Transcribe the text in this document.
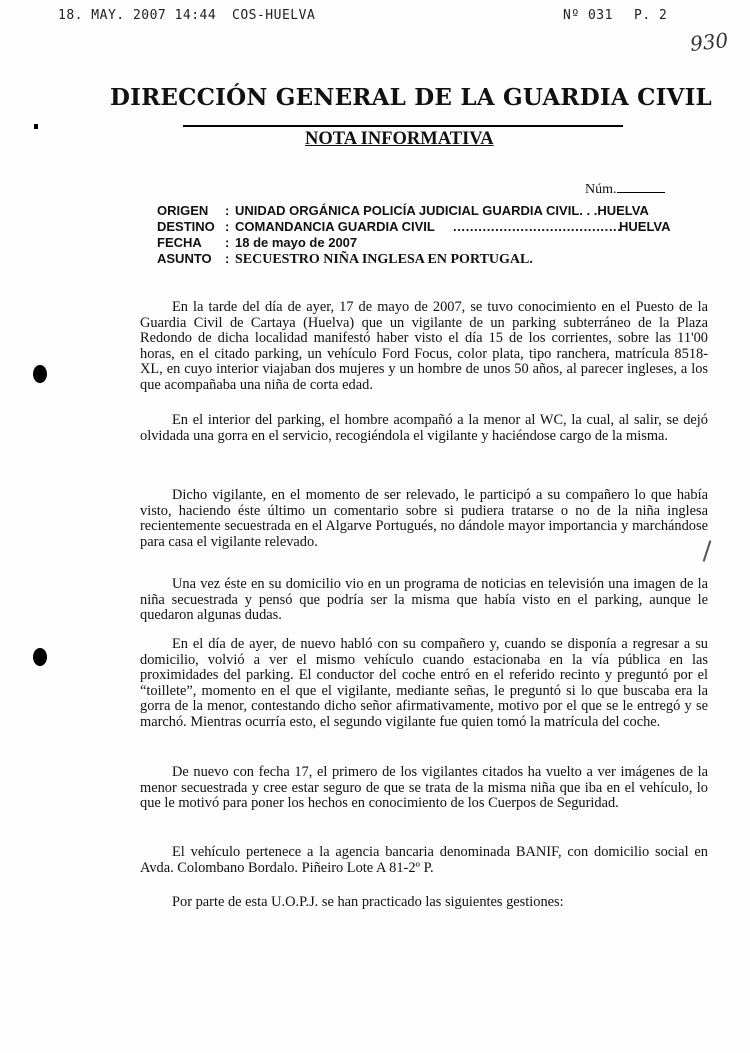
18. MAY. 2007 14:44 COS-HUELVA	Nº 031 P. 2
930
DIRECCIÓN GENERAL DE LA GUARDIA CIVIL
NOTA INFORMATIVA
Núm.
ORIGEN : UNIDAD ORGÁNICA POLICÍA JUDICIAL GUARDIA CIVIL. . .HUELVA
DESTINO : COMANDANCIA GUARDIA CIVIL ........................................
HUELVA
FECHA : 18 de mayo de 2007
ASUNTO : SECUESTRO NIÑA INGLESA EN PORTUGAL.

En la tarde del día de ayer, 17 de mayo de 2007, se tuvo conocimiento en el Puesto de la Guardia Civil de Cartaya (Huelva) que un vigilante de un parking subterráneo de la Plaza Redondo de dicha localidad manifestó haber visto el día 15 de los corrientes, sobre las 11'00 horas, en el citado parking, un vehículo Ford Focus, color plata, tipo ranchera, matrícula 8518-XL, en cuyo interior viajaban dos mujeres y un hombre de unos 50 años, al parecer ingleses, a los que acompañaba una niña de corta edad.

En el interior del parking, el hombre acompañó a la menor al WC, la cual, al salir, se dejó olvidada una gorra en el servicio, recogiéndola el vigilante y haciéndose cargo de la misma.

Dicho vigilante, en el momento de ser relevado, le participó a su compañero lo que había visto, haciendo éste último un comentario sobre si pudiera tratarse o no de la niña inglesa recientemente secuestrada en el Algarve Portugués, no dándole mayor importancia y marchándose para casa el vigilante relevado.

Una vez éste en su domicilio vio en un programa de noticias en televisión una imagen de la niña secuestrada y pensó que podría ser la misma que había visto en el parking, aunque le quedaron algunas dudas.

En el día de ayer, de nuevo habló con su compañero y, cuando se disponía a regresar a su domicilio, volvió a ver el mismo vehículo cuando estacionaba en la vía pública en las proximidades del parking. El conductor del coche entró en el referido recinto y preguntó por el “toillete”, momento en el que el vigilante, mediante señas, le preguntó si lo que buscaba era la gorra de la menor, contestando dicho señor afirmativamente, motivo por el que se le entregó y se marchó. Mientras ocurría esto, el segundo vigilante fue quien tomó la matrícula del coche.

De nuevo con fecha 17, el primero de los vigilantes citados ha vuelto a ver imágenes de la menor secuestrada y cree estar seguro de que se trata de la misma niña que iba en el vehículo, lo que le motivó para poner los hechos en conocimiento de los Cuerpos de Seguridad.

El vehículo pertenece a la agencia bancaria denominada BANIF, con domicilio social en Avda. Colombano Bordalo. Piñeiro Lote A 81-2º P.

Por parte de esta U.O.P.J. se han practicado las siguientes gestiones:
